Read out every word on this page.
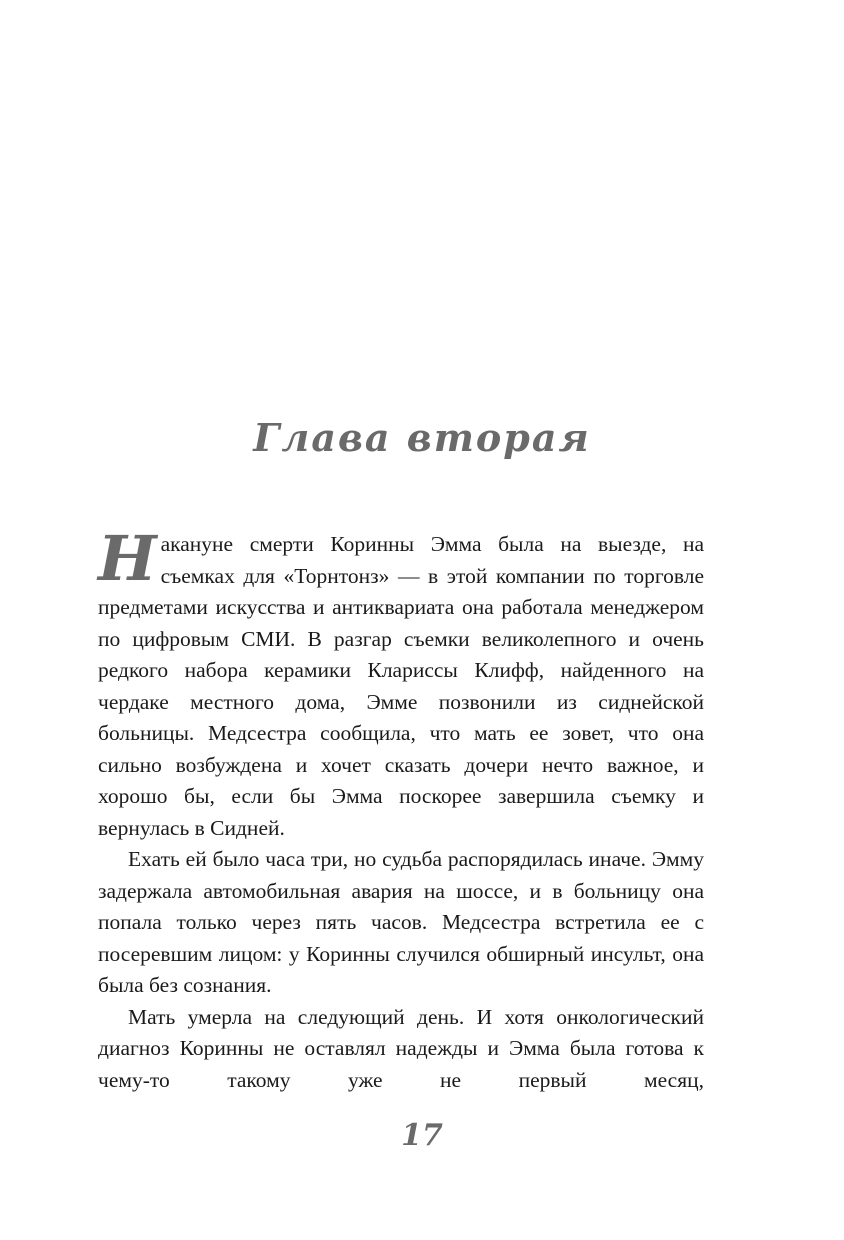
Глава вторая

Накануне смерти Коринны Эмма была на выезде, на съемках для «Торнтонз» — в этой компании по торговле предметами искусства и антиквариата она работала менеджером по цифровым СМИ. В разгар съемки великолепного и очень редкого набора керамики Клариссы Клифф, найденного на чердаке местного дома, Эмме позвонили из сиднейской больницы. Медсестра сообщила, что мать ее зовет, что она сильно возбуждена и хочет сказать дочери нечто важное, и хорошо бы, если бы Эмма поскорее завершила съемку и вернулась в Сидней.

Ехать ей было часа три, но судьба распорядилась иначе. Эмму задержала автомобильная авария на шоссе, и в больницу она попала только через пять часов. Медсестра встретила ее с посеревшим лицом: у Коринны случился обширный инсульт, она была без сознания.

Мать умерла на следующий день. И хотя онкологический диагноз Коринны не оставлял надежды и Эмма была готова к чему-то такому уже не первый месяц,

17
